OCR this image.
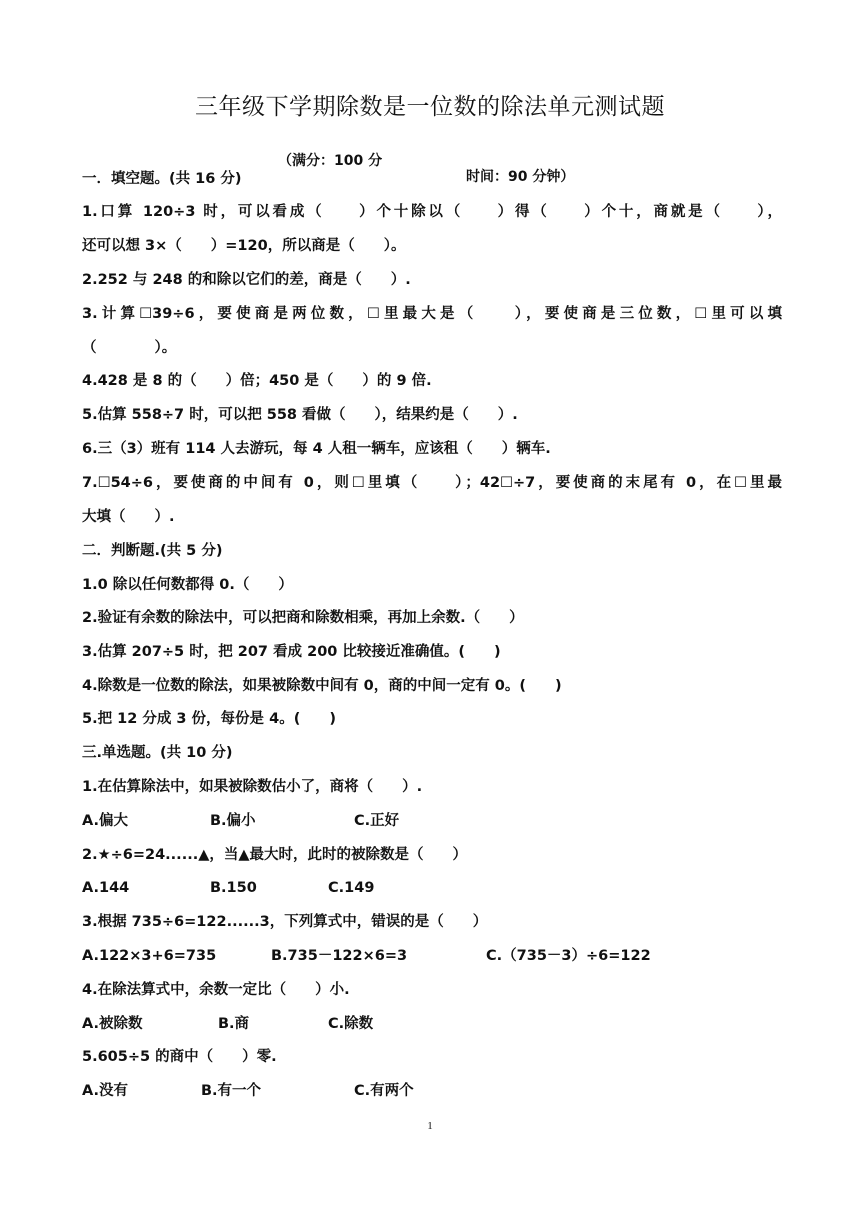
三年级下学期除数是一位数的除法单元测试题

（满分：100 分

时间：90 分钟）

一．填空题。(共 16 分)
1.口算 120÷3 时，可以看成（　　）个十除以（　　）得（　　）个十，商就是（　　），
还可以想 3×（　　）=120，所以商是（　　）。
2.252 与 248 的和除以它们的差，商是（　　）.
3.计算☐39÷6，要使商是两位数，☐里最大是（　　），要使商是三位数，☐里可以填
（　　　　）。
4.428 是 8 的（　　）倍；450 是（　　）的 9 倍.
5.估算 558÷7 时，可以把 558 看做（　　），结果约是（　　）.
6.三（3）班有 114 人去游玩，每 4 人租一辆车，应该租（　　）辆车.
7.☐54÷6，要使商的中间有 0，则☐里填（　　）；42☐÷7，要使商的末尾有 0，在☐里最
大填（　　）.
二．判断题.(共 5 分)
1.0 除以任何数都得 0.（　　）
2.验证有余数的除法中，可以把商和除数相乘，再加上余数.（　　）
3.估算 207÷5 时，把 207 看成 200 比较接近准确值。(　　)
4.除数是一位数的除法，如果被除数中间有 0，商的中间一定有 0。(　　)
5.把 12 分成 3 份，每份是 4。(　　)
三.单选题。(共 10 分)
1.在估算除法中，如果被除数估小了，商将（　　）.
A.偏大	B.偏小	C.正好
2.★÷6=24......▲，当▲最大时，此时的被除数是（　　）
A.144	B.150	C.149
3.根据 735÷6=122......3，下列算式中，错误的是（　　）
A.122×3+6=735	B.735－122×6=3	C.（735－3）÷6=122
4.在除法算式中，余数一定比（　　）小.
A.被除数	B.商	C.除数
5.605÷5 的商中（　　）零.
A.没有	B.有一个	C.有两个
1
